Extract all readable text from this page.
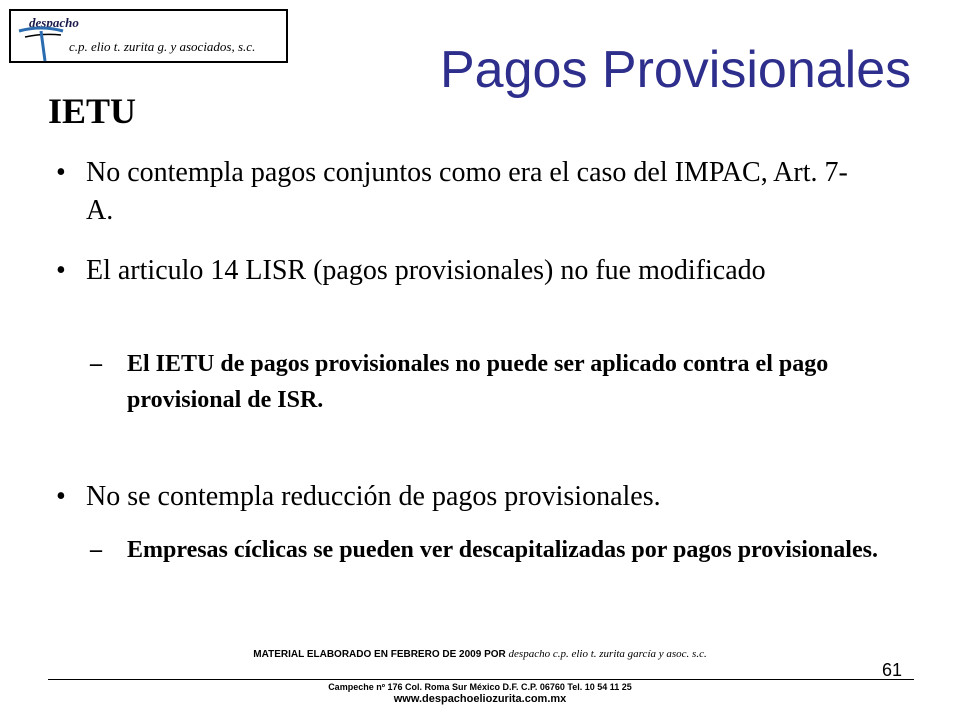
despacho
c.p. elio t. zurita g. y asociados, s.c.	Pagos Provisionales
IETU
• No contempla pagos conjuntos como era el caso del IMPAC, Art. 7-A.
• El articulo 14 LISR (pagos provisionales) no fue modificado
– El IETU de pagos provisionales no puede ser aplicado contra el pago provisional de ISR.
• No se contempla reducción de pagos provisionales.
– Empresas cíclicas se pueden ver descapitalizadas por pagos provisionales.
MATERIAL ELABORADO EN FEBRERO DE 2009 POR despacho c.p. elio t. zurita garcía y asoc. s.c.
61
Campeche nº 176 Col. Roma Sur México D.F. C.P. 06760 Tel. 10 54 11 25
www.despachoeliozurita.com.mx
